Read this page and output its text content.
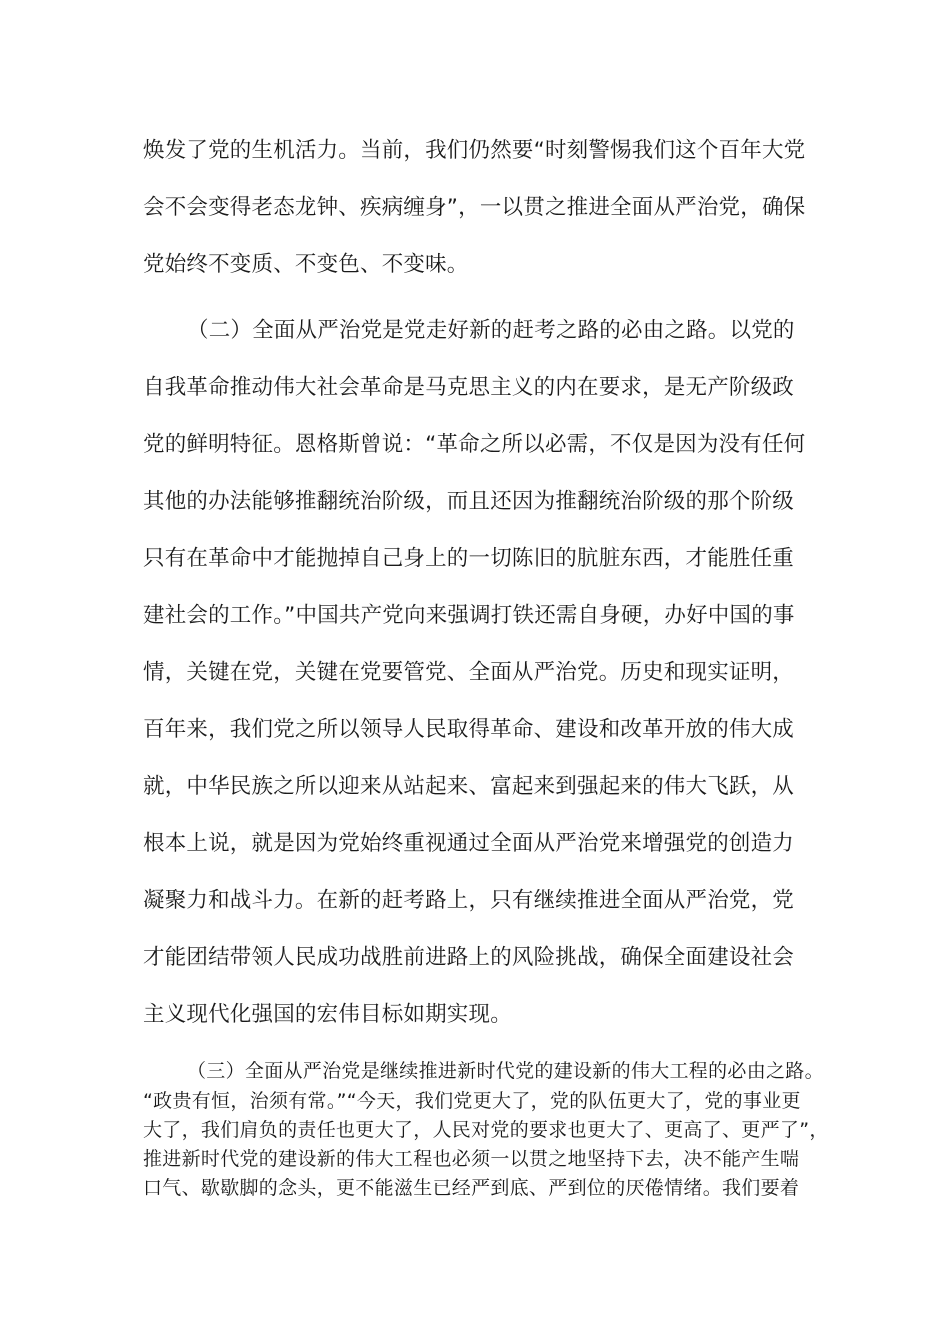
焕发了党的生机活力。当前，我们仍然要“时刻警惕我们这个百年大党
会不会变得老态龙钟、疾病缠身”，一以贯之推进全面从严治党，确保
党始终不变质、不变色、不变味。
（二）全面从严治党是党走好新的赶考之路的必由之路。以党的
自我革命推动伟大社会革命是马克思主义的内在要求，是无产阶级政
党的鲜明特征。恩格斯曾说：“革命之所以必需，不仅是因为没有任何
其他的办法能够推翻统治阶级，而且还因为推翻统治阶级的那个阶级
只有在革命中才能抛掉自己身上的一切陈旧的肮脏东西，才能胜任重
建社会的工作。”中国共产党向来强调打铁还需自身硬，办好中国的事
情，关键在党，关键在党要管党、全面从严治党。历史和现实证明，
百年来，我们党之所以领导人民取得革命、建设和改革开放的伟大成
就，中华民族之所以迎来从站起来、富起来到强起来的伟大飞跃，从
根本上说，就是因为党始终重视通过全面从严治党来增强党的创造力
凝聚力和战斗力。在新的赶考路上，只有继续推进全面从严治党，党
才能团结带领人民成功战胜前进路上的风险挑战，确保全面建设社会
主义现代化强国的宏伟目标如期实现。
（三）全面从严治党是继续推进新时代党的建设新的伟大工程的必由之路。
“政贵有恒，治须有常。”“今天，我们党更大了，党的队伍更大了，党的事业更
大了，我们肩负的责任也更大了，人民对党的要求也更大了、更高了、更严了”，
推进新时代党的建设新的伟大工程也必须一以贯之地坚持下去，决不能产生喘
口气、歇歇脚的念头，更不能滋生已经严到底、严到位的厌倦情绪。我们要着
